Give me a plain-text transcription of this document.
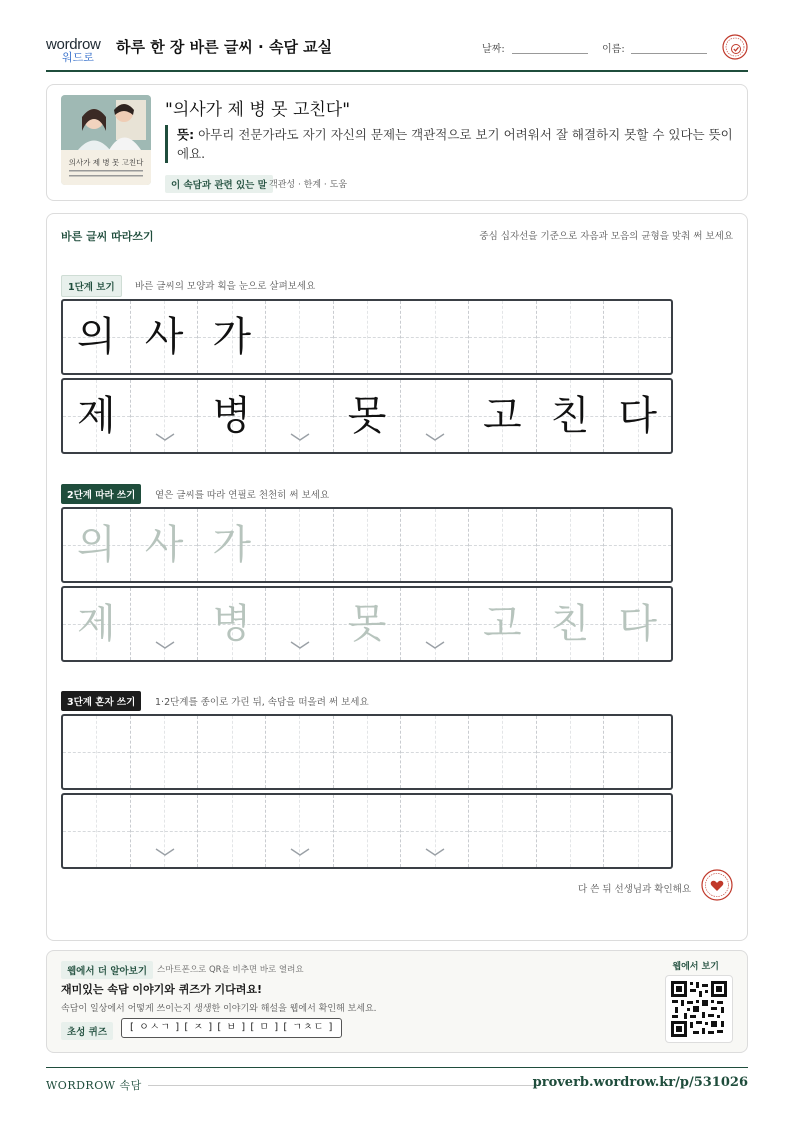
wordrow
워드로
하루 한 장 바른 글씨 · 속담 교실	날짜:	이름:
의사가 제 병 못 고친다
"의사가 제 병 못 고친다"
뜻: 아무리 전문가라도 자기 자신의 문제는 객관적으로 보기 어려워서 잘 해결하지 못할 수 있다는 뜻이에요.
이 속담과 관련 있는 말 객관성 · 한계 · 도움
바른 글씨 따라쓰기	중심 십자선을 기준으로 자음과 모음의 균형을 맞춰 써 보세요
1단계 보기	바른 글씨의 모양과 획을 눈으로 살펴보세요
의 사 가
제	병	못	고 친 다
2단계 따라 쓰기	옅은 글씨를 따라 연필로 천천히 써 보세요
의 사 가
제	병	못	고 친 다
3단계 혼자 쓰기	1·2단계를 종이로 가린 뒤, 속담을 떠올려 써 보세요
다 쓴 뒤 선생님과 확인해요
웹에서 더 알아보기	스마트폰으로 QR을 비추면 바로 열려요
재미있는 속담 이야기와 퀴즈가 기다려요!
속담이 일상에서 어떻게 쓰이는지 생생한 이야기와 해설을 웹에서 확인해 보세요.
초성 퀴즈	[ ㅇㅅㄱ ] [ ㅈ ] [ ㅂ ] [ ㅁ ] [ ㄱㅊㄷ ]
웹에서 보기
WORDROW 속담	proverb.wordrow.kr/p/531026
